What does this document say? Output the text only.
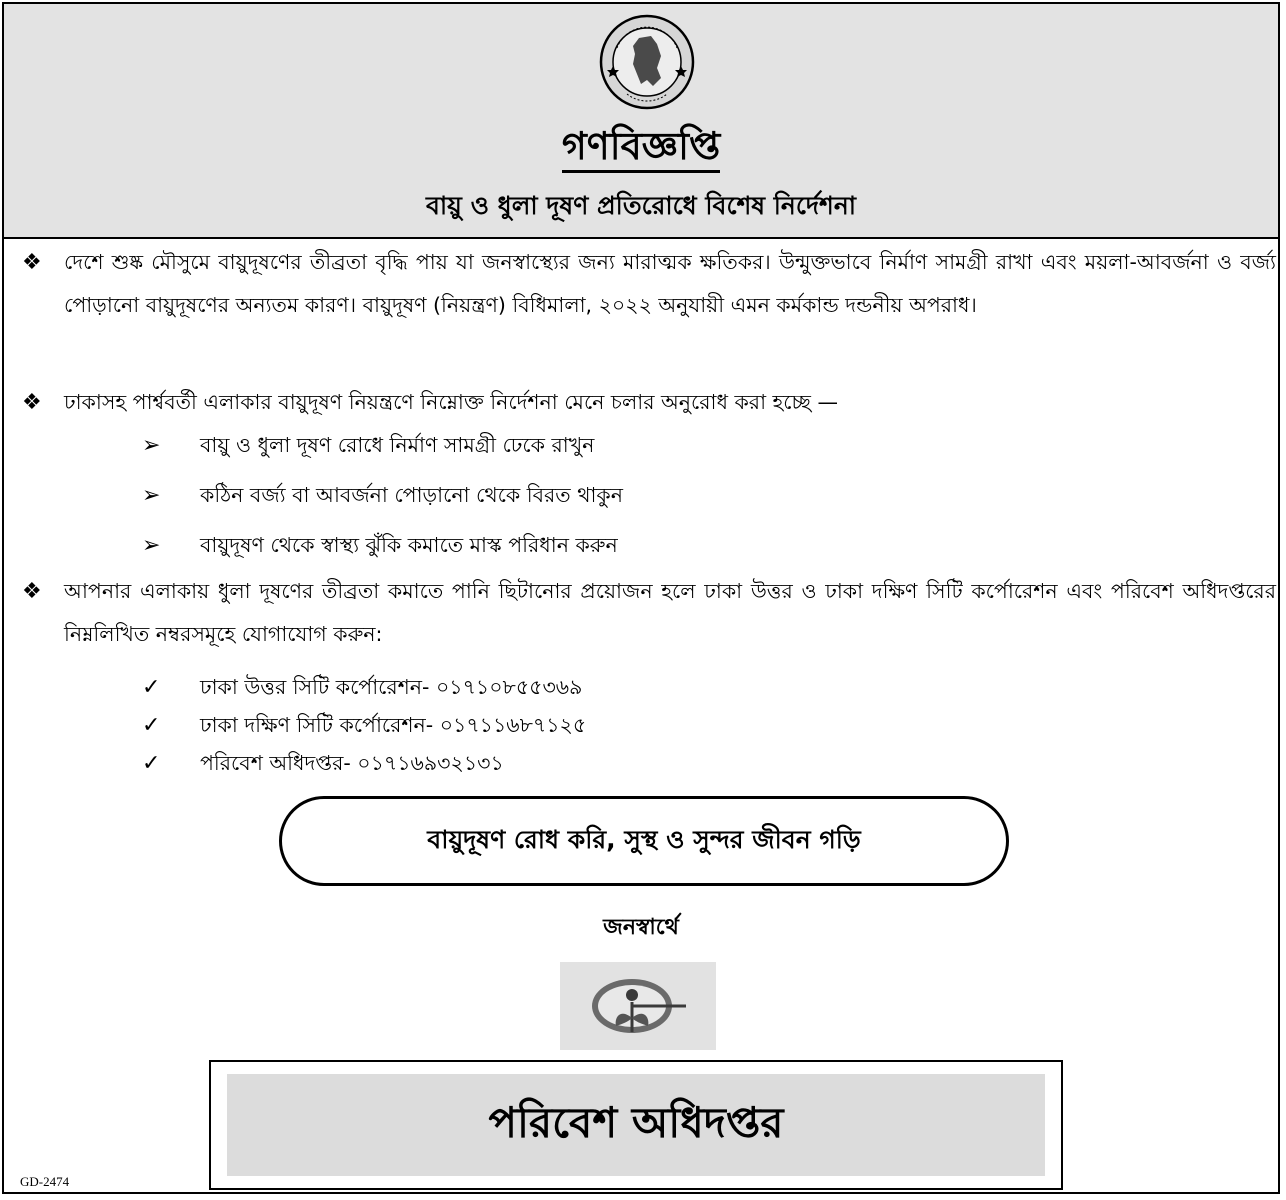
গণবিজ্ঞপ্তি
বায়ু ও ধুলা দূষণ প্রতিরোধে বিশেষ নির্দেশনা
❖ দেশে শুষ্ক মৌসুমে বায়ুদূষণের তীব্রতা বৃদ্ধি পায় যা জনস্বাস্থ্যের জন্য মারাত্মক ক্ষতিকর। উন্মুক্তভাবে নির্মাণ সামগ্রী রাখা এবং ময়লা-আবর্জনা ও বর্জ্য পোড়ানো বায়ুদূষণের অন্যতম কারণ। বায়ুদূষণ (নিয়ন্ত্রণ) বিধিমালা, ২০২২ অনুযায়ী এমন কর্মকান্ড দন্ডনীয় অপরাধ।
❖ ঢাকাসহ পার্শ্ববর্তী এলাকার বায়ুদূষণ নিয়ন্ত্রণে নিম্নোক্ত নির্দেশনা মেনে চলার অনুরোধ করা হচ্ছে —
➢ বায়ু ও ধুলা দূষণ রোধে নির্মাণ সামগ্রী ঢেকে রাখুন
➢ কঠিন বর্জ্য বা আবর্জনা পোড়ানো থেকে বিরত থাকুন
➢ বায়ুদূষণ থেকে স্বাস্থ্য ঝুঁকি কমাতে মাস্ক পরিধান করুন
❖ আপনার এলাকায় ধুলা দূষণের তীব্রতা কমাতে পানি ছিটানোর প্রয়োজন হলে ঢাকা উত্তর ও ঢাকা দক্ষিণ সিটি কর্পোরেশন এবং পরিবেশ অধিদপ্তরের নিম্নলিখিত নম্বরসমূহে যোগাযোগ করুন:
✓ ঢাকা উত্তর সিটি কর্পোরেশন- ০১৭১০৮৫৫৩৬৯
✓ ঢাকা দক্ষিণ সিটি কর্পোরেশন- ০১৭১১৬৮৭১২৫
✓ পরিবেশ অধিদপ্তর- ০১৭১৬৯৩২১৩১
বায়ুদূষণ রোধ করি, সুস্থ ও সুন্দর জীবন গড়ি
জনস্বার্থে
পরিবেশ অধিদপ্তর
GD-2474
